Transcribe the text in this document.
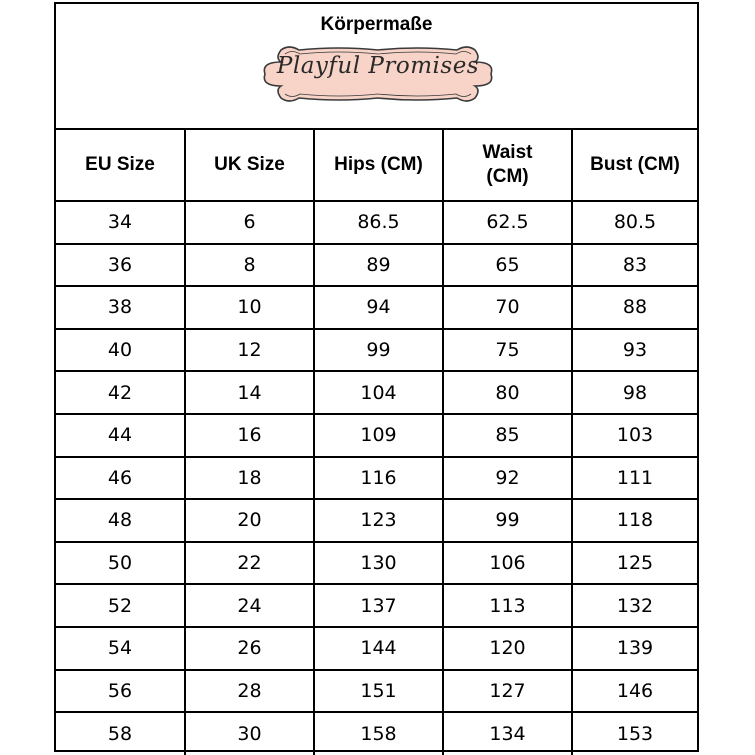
Körpermaße
Playful Promises
EU Size	UK Size	Hips (CM)	Waist (CM)	Bust (CM)
34	6	86.5	62.5	80.5
36	8	89	65	83
38	10	94	70	88
40	12	99	75	93
42	14	104	80	98
44	16	109	85	103
46	18	116	92	111
48	20	123	99	118
50	22	130	106	125
52	24	137	113	132
54	26	144	120	139
56	28	151	127	146
58	30	158	134	153
